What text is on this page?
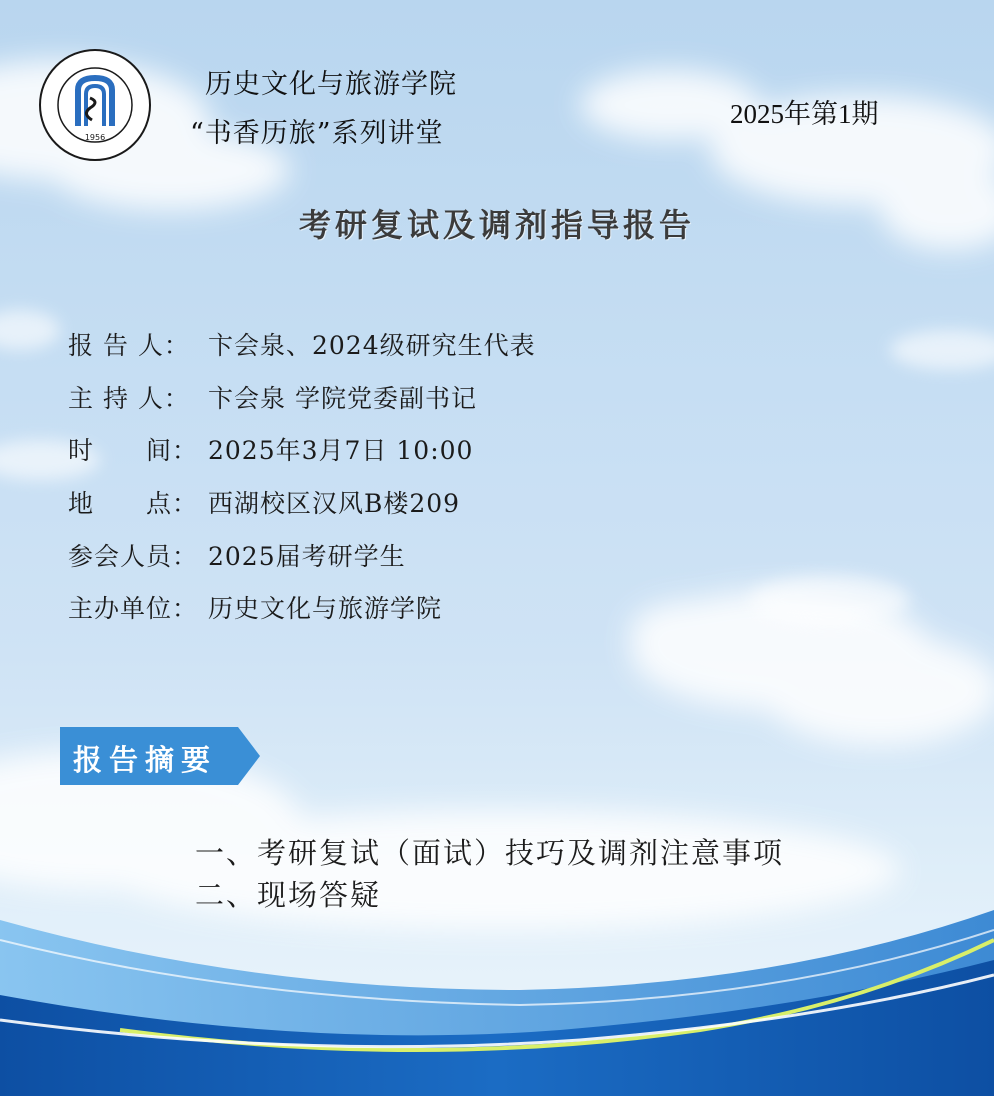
1956
历史文化与旅游学院
“书香历旅”系列讲堂
2025年第1期
考研复试及调剂指导报告
报 告 人： 卞会泉、2024级研究生代表
主 持 人： 卞会泉 学院党委副书记
时　　间： 2025年3月7日 10:00
地　　点： 西湖校区汉风B楼209
参会人员： 2025届考研学生
主办单位： 历史文化与旅游学院
报告摘要
一、考研复试（面试）技巧及调剂注意事项
二、现场答疑
